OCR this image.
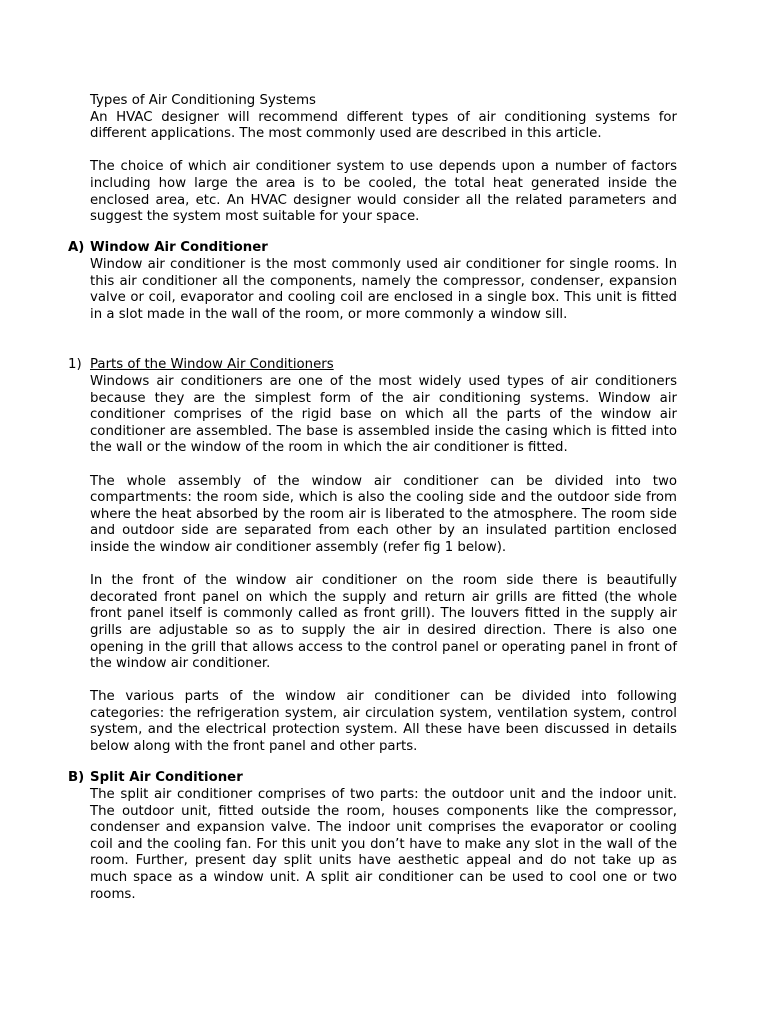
Types of Air Conditioning Systems

An HVAC designer will recommend different types of air conditioning systems for different applications. The most commonly used are described in this article.

The choice of which air conditioner system to use depends upon a number of factors including how large the area is to be cooled, the total heat generated inside the enclosed area, etc. An HVAC designer would consider all the related parameters and suggest the system most suitable for your space.

A) Window Air Conditioner

Window air conditioner is the most commonly used air conditioner for single rooms. In this air conditioner all the components, namely the compressor, condenser, expansion valve or coil, evaporator and cooling coil are enclosed in a single box. This unit is fitted in a slot made in the wall of the room, or more commonly a window sill.

1) Parts of the Window Air Conditioners

Windows air conditioners are one of the most widely used types of air conditioners because they are the simplest form of the air conditioning systems. Window air conditioner comprises of the rigid base on which all the parts of the window air conditioner are assembled. The base is assembled inside the casing which is fitted into the wall or the window of the room in which the air conditioner is fitted.

The whole assembly of the window air conditioner can be divided into two compartments: the room side, which is also the cooling side and the outdoor side from where the heat absorbed by the room air is liberated to the atmosphere. The room side and outdoor side are separated from each other by an insulated partition enclosed inside the window air conditioner assembly (refer fig 1 below).

In the front of the window air conditioner on the room side there is beautifully decorated front panel on which the supply and return air grills are fitted (the whole front panel itself is commonly called as front grill). The louvers fitted in the supply air grills are adjustable so as to supply the air in desired direction. There is also one opening in the grill that allows access to the control panel or operating panel in front of the window air conditioner.

The various parts of the window air conditioner can be divided into following categories: the refrigeration system, air circulation system, ventilation system, control system, and the electrical protection system. All these have been discussed in details below along with the front panel and other parts.

B) Split Air Conditioner

The split air conditioner comprises of two parts: the outdoor unit and the indoor unit. The outdoor unit, fitted outside the room, houses components like the compressor, condenser and expansion valve. The indoor unit comprises the evaporator or cooling coil and the cooling fan. For this unit you don’t have to make any slot in the wall of the room. Further, present day split units have aesthetic appeal and do not take up as much space as a window unit. A split air conditioner can be used to cool one or two rooms.
